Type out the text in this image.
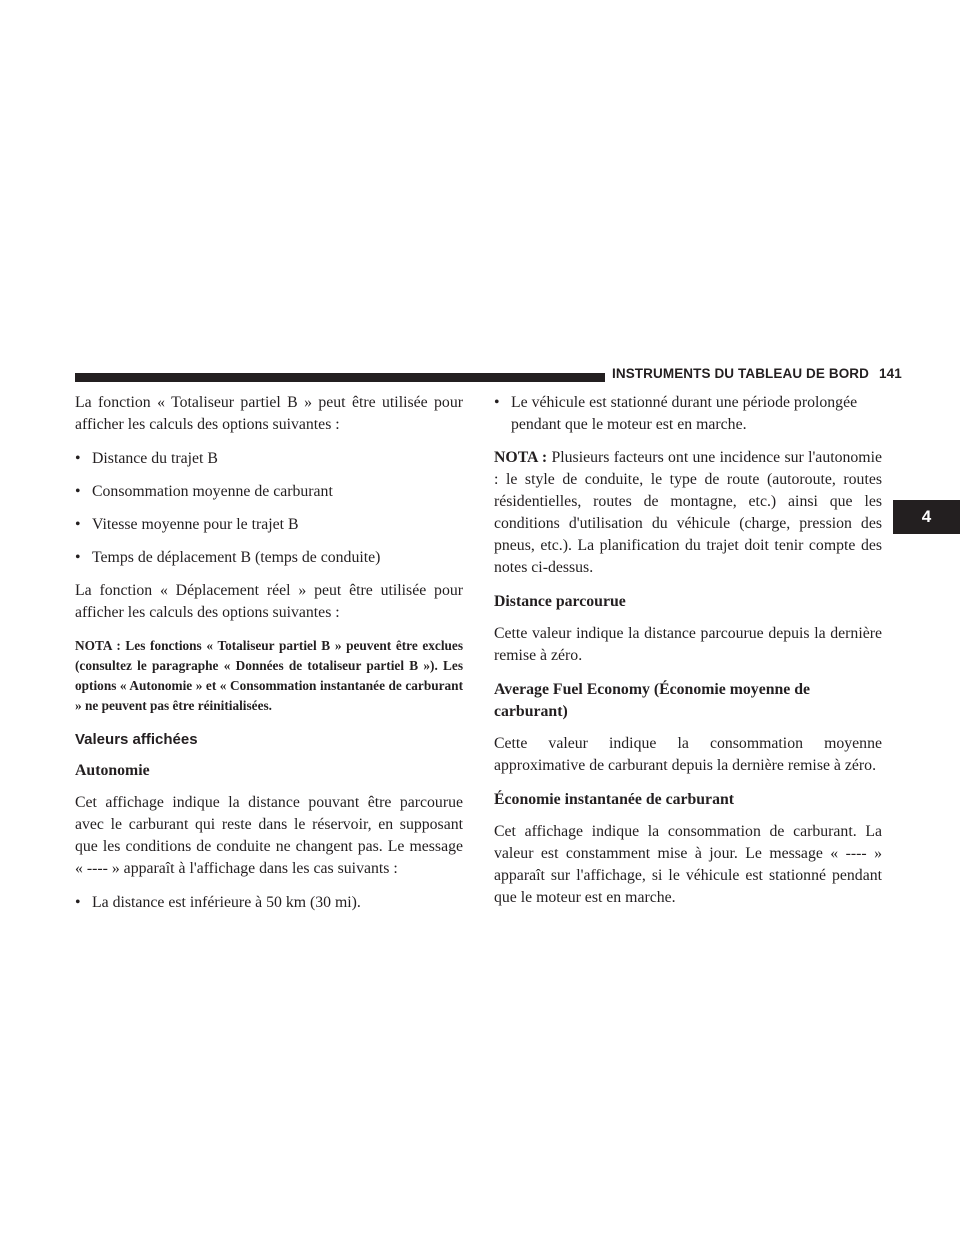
INSTRUMENTS DU TABLEAU DE BORD 141
4

La fonction « Totaliseur partiel B » peut être utilisée pour afficher les calculs des options suivantes :

• Distance du trajet B

• Consommation moyenne de carburant

• Vitesse moyenne pour le trajet B

• Temps de déplacement B (temps de conduite)

La fonction « Déplacement réel » peut être utilisée pour afficher les calculs des options suivantes :

NOTA : Les fonctions « Totaliseur partiel B » peuvent être exclues (consultez le paragraphe « Données de totaliseur partiel B »). Les options « Autonomie » et « Consommation instantanée de carburant » ne peuvent pas être réinitialisées.

Valeurs affichées
Autonomie

Cet affichage indique la distance pouvant être parcourue avec le carburant qui reste dans le réservoir, en supposant que les conditions de conduite ne changent pas. Le message « ---- » apparaît à l'affichage dans les cas suivants :

• La distance est inférieure à 50 km (30 mi).

• Le véhicule est stationné durant une période prolongée pendant que le moteur est en marche.

NOTA : Plusieurs facteurs ont une incidence sur l'autonomie : le style de conduite, le type de route (autoroute, routes résidentielles, routes de montagne, etc.) ainsi que les conditions d'utilisation du véhicule (charge, pression des pneus, etc.). La planification du trajet doit tenir compte des notes ci-dessus.

Distance parcourue

Cette valeur indique la distance parcourue depuis la dernière remise à zéro.

Average Fuel Economy (Économie moyenne de carburant)

Cette valeur indique la consommation moyenne approximative de carburant depuis la dernière remise à zéro.

Économie instantanée de carburant

Cet affichage indique la consommation de carburant. La valeur est constamment mise à jour. Le message « ---- » apparaît sur l'affichage, si le véhicule est stationné pendant que le moteur est en marche.
